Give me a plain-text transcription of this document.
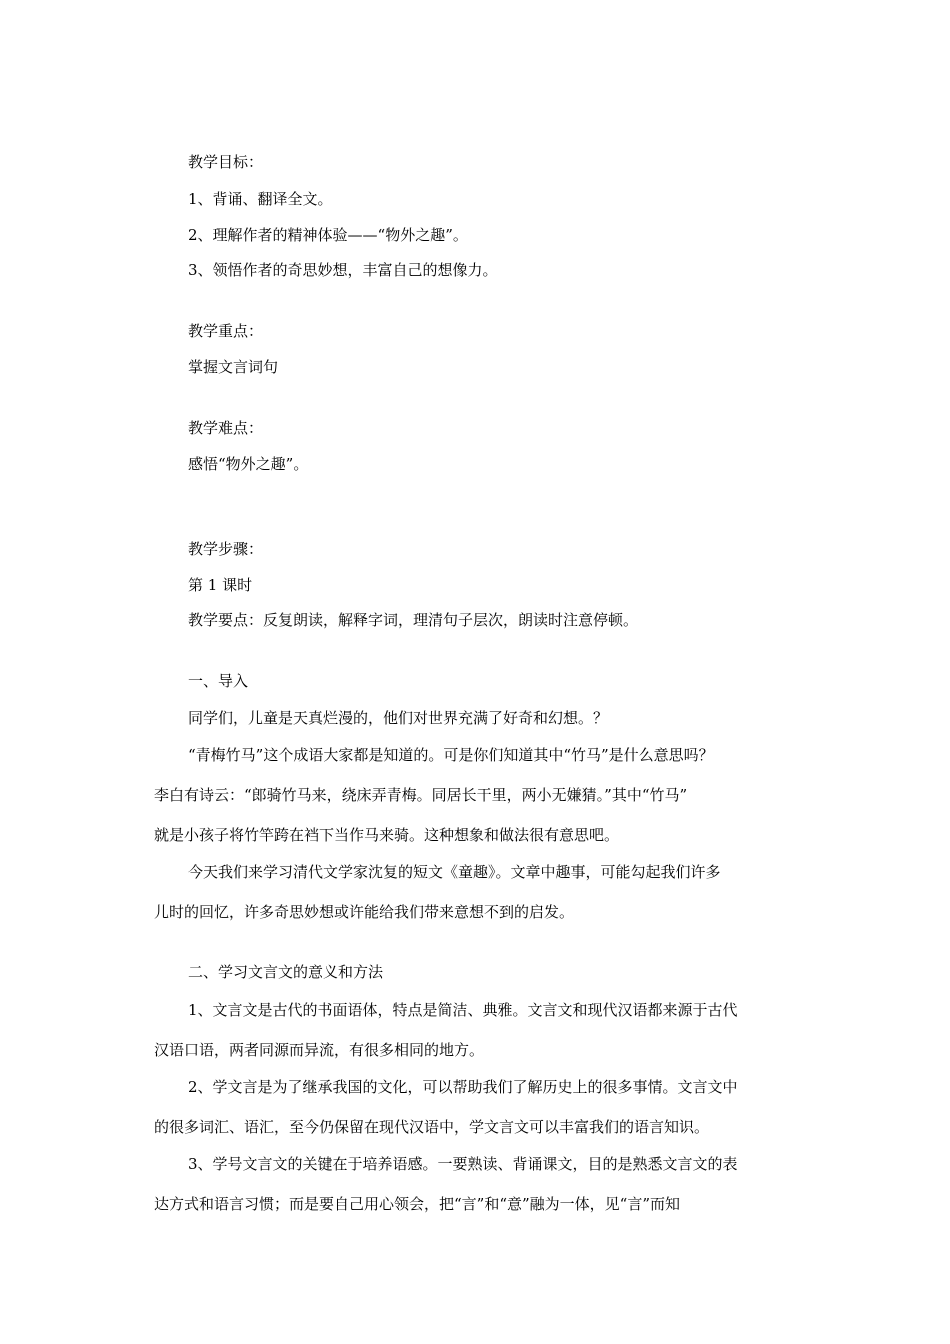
教学目标：
1、背诵、翻译全文。
2、理解作者的精神体验——“物外之趣”。
3、领悟作者的奇思妙想，丰富自己的想像力。
教学重点：
掌握文言词句
教学难点：
感悟“物外之趣”。
教学步骤：
第 1 课时
教学要点：反复朗读，解释字词，理清句子层次，朗读时注意停顿。
一、导入
同学们，儿童是天真烂漫的，他们对世界充满了好奇和幻想。？
“青梅竹马”这个成语大家都是知道的。可是你们知道其中“竹马”是什么意思吗？
李白有诗云：“郎骑竹马来，绕床弄青梅。同居长干里，两小无嫌猜。”其中“竹马”
就是小孩子将竹竿跨在裆下当作马来骑。这种想象和做法很有意思吧。
今天我们来学习清代文学家沈复的短文《童趣》。文章中趣事，可能勾起我们许多
儿时的回忆，许多奇思妙想或许能给我们带来意想不到的启发。
二、学习文言文的意义和方法
1、文言文是古代的书面语体，特点是简洁、典雅。文言文和现代汉语都来源于古代
汉语口语，两者同源而异流，有很多相同的地方。
2、学文言是为了继承我国的文化，可以帮助我们了解历史上的很多事情。文言文中
的很多词汇、语汇，至今仍保留在现代汉语中，学文言文可以丰富我们的语言知识。
3、学号文言文的关键在于培养语感。一要熟读、背诵课文，目的是熟悉文言文的表
达方式和语言习惯；而是要自己用心领会，把“言”和“意”融为一体，见“言”而知
